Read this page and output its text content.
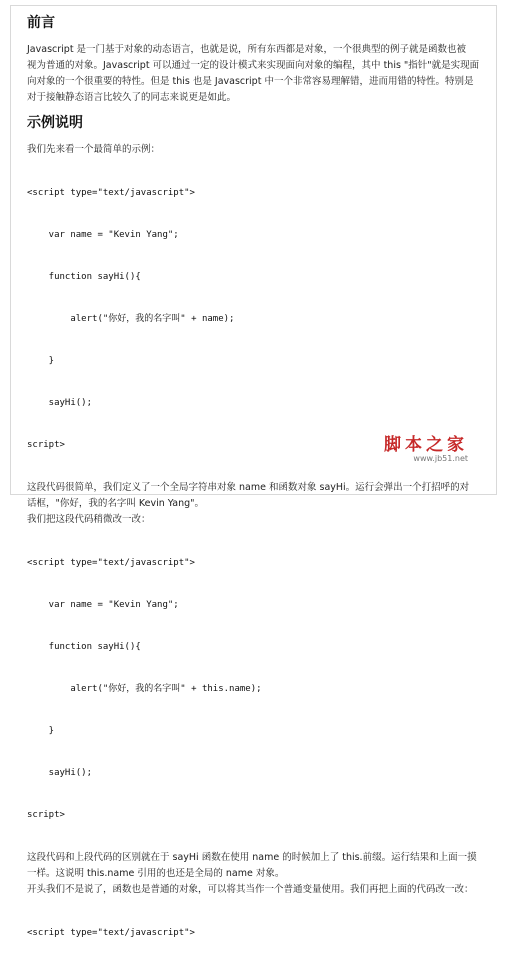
前言

Javascript 是一门基于对象的动态语言，也就是说，所有东西都是对象，一个很典型的例子就是函数也被
视为普通的对象。Javascript 可以通过一定的设计模式来实现面向对象的编程，其中 this "指针"就是实现面
向对象的一个很重要的特性。但是 this 也是 Javascript 中一个非常容易理解错，进而用错的特性。特别是
对于接触静态语言比较久了的同志来说更是如此。

示例说明

我们先来看一个最简单的示例：

<script type="text/javascript">

var name = "Kevin Yang";

function sayHi(){

alert("你好，我的名字叫" + name);

}

sayHi();

script>

这段代码很简单，我们定义了一个全局字符串对象 name 和函数对象 sayHi。运行会弹出一个打招呼的对
话框，"你好，我的名字叫 Kevin Yang"。

我们把这段代码稍微改一改：

<script type="text/javascript">

var name = "Kevin Yang";

function sayHi(){

alert("你好，我的名字叫" + this.name);

}

sayHi();

script>

这段代码和上段代码的区别就在于 sayHi 函数在使用 name 的时候加上了 this.前缀。运行结果和上面一摸
一样。这说明 this.name 引用的也还是全局的 name 对象。
开头我们不是说了，函数也是普通的对象，可以将其当作一个普通变量使用。我们再把上面的代码改一改：

<script type="text/javascript">

脚本之家
www.jb51.net
